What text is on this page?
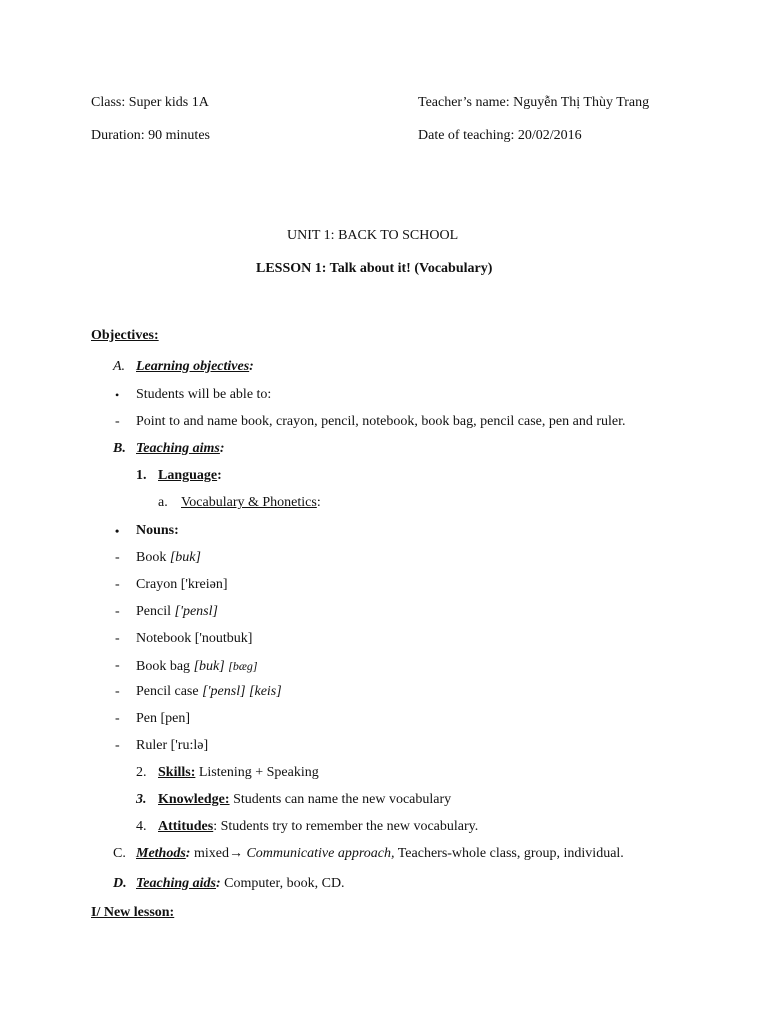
Class: Super kids 1A	Teacher’s name: Nguyễn Thị Thùy Trang
Duration: 90 minutes	Date of teaching: 20/02/2016
UNIT 1: BACK TO SCHOOL
LESSON 1: Talk about it! (Vocabulary)
Objectives:
A. Learning objectives:
• Students will be able to:
- Point to and name book, crayon, pencil, notebook, book bag, pencil case, pen and ruler.
B. Teaching aims:
1. Language:
a. Vocabulary & Phonetics:
• Nouns:
- Book [buk]
- Crayon ['kreiən]
- Pencil ['pensl]
- Notebook ['noutbuk]
- Book bag [buk] [bæg]
- Pencil case ['pensl] [keis]
- Pen [pen]
- Ruler ['ru:lə]
2. Skills: Listening + Speaking
3. Knowledge: Students can name the new vocabulary
4. Attitudes: Students try to remember the new vocabulary.
C. Methods: mixed→ Communicative approach, Teachers-whole class, group, individual.
D. Teaching aids: Computer, book, CD.
I/ New lesson:
